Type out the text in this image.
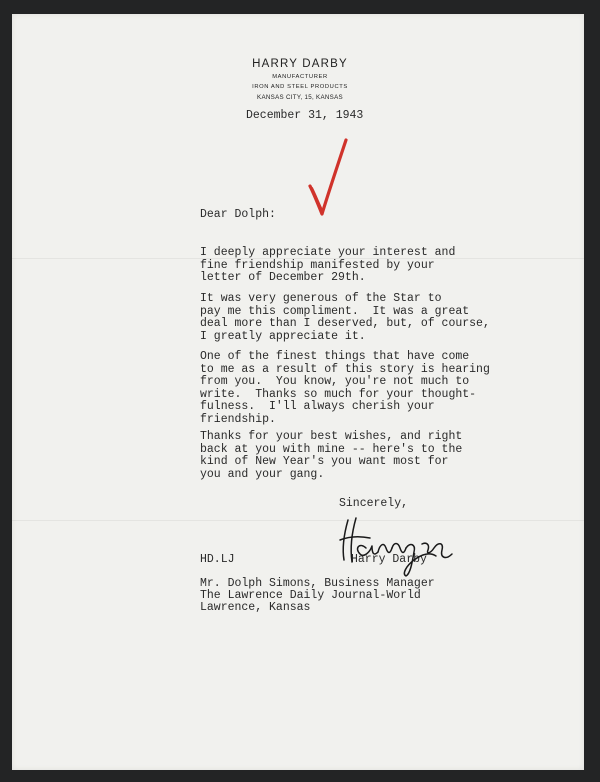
HARRY DARBY
MANUFACTURER
IRON AND STEEL PRODUCTS
KANSAS CITY, 15, KANSAS
December 31, 1943
Dear Dolph:
I deeply appreciate your interest and
fine friendship manifested by your
letter of December 29th.
It was very generous of the Star to
pay me this compliment.  It was a great
deal more than I deserved, but, of course,
I greatly appreciate it.
One of the finest things that have come
to me as a result of this story is hearing
from you.  You know, you're not much to
write.  Thanks so much for your thought-
fulness.  I'll always cherish your
friendship.
Thanks for your best wishes, and right
back at you with mine -- here's to the
kind of New Year's you want most for
you and your gang.
Sincerely,
HD.LJ	Harry Darby
Mr. Dolph Simons, Business Manager
The Lawrence Daily Journal-World
Lawrence, Kansas
